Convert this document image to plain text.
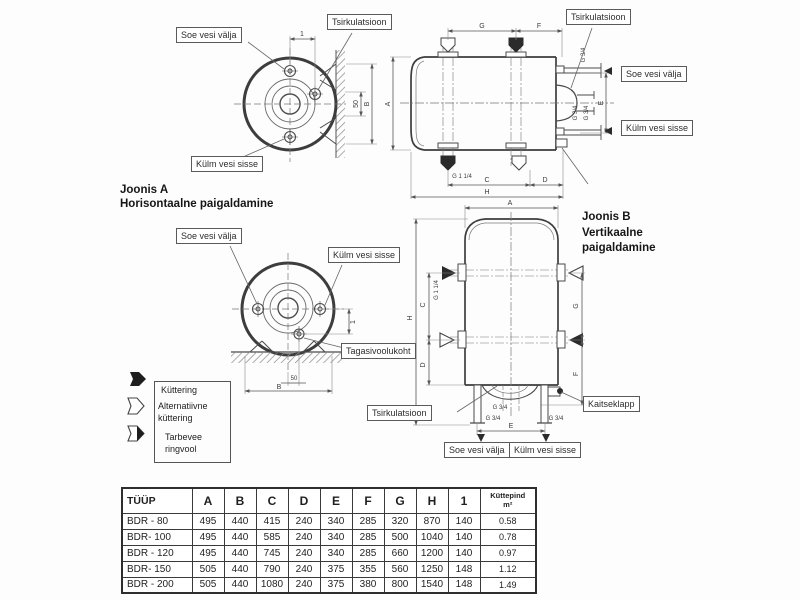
1
50 B
G	F
A
G 3/4
G 3/4 G 3/4
E
G 1 1/4 C	D
H
50
B
1
A
H
C
G 1 1/4
D
G
F
G 3/4
G 3/4	G 3/4
E
Soe vesi välja
Tsirkulatsioon
Külm vesi sisse
Tsirkulatsioon
Soe vesi välja
Külm vesi sisse
Soe vesi välja
Külm vesi sisse
Tagasivoolukoht
Tsirkulatsioon
Kaitseklapp
Soe vesi välja	Külm vesi sisse
Joonis A
Horisontaalne paigaldamine
Joonis B
Vertikaalne
paigaldamine
Küttering
Alternatiivne küttering
Tarbevee ringvool
TÜÜP	A	B	C	D	E	F	G	H	1	Küttepind
m²

BDR - 80	495	440	415	240	340	285	320	870	140	0.58
BDR- 100	495	440	585	240	340	285	500	1040	140	0.78
BDR - 120	495	440	745	240	340	285	660	1200	140	0.97
BDR- 150	505	440	790	240	375	355	560	1250	148	1.12
BDR - 200	505	440	1080	240	375	380	800	1540	148	1.49
